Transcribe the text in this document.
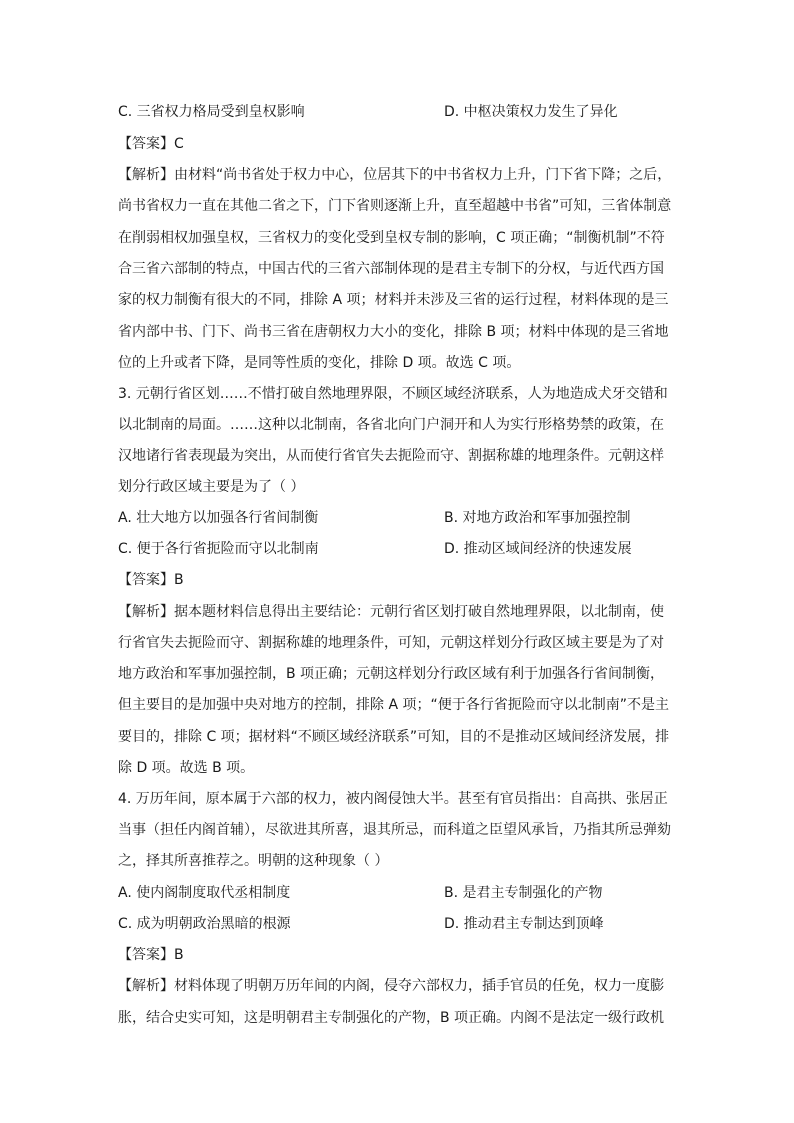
C. 三省权力格局受到皇权影响	D. 中枢决策权力发生了异化
【答案】C
【解析】由材料“尚书省处于权力中心，位居其下的中书省权力上升，门下省下降；之后，
尚书省权力一直在其他二省之下，门下省则逐渐上升，直至超越中书省”可知，三省体制意
在削弱相权加强皇权，三省权力的变化受到皇权专制的影响，C 项正确；“制衡机制”不符
合三省六部制的特点，中国古代的三省六部制体现的是君主专制下的分权，与近代西方国
家的权力制衡有很大的不同，排除 A 项；材料并未涉及三省的运行过程，材料体现的是三
省内部中书、门下、尚书三省在唐朝权力大小的变化，排除 B 项；材料中体现的是三省地
位的上升或者下降，是同等性质的变化，排除 D 项。故选 C 项。
3. 元朝行省区划……不惜打破自然地理界限，不顾区域经济联系，人为地造成犬牙交错和
以北制南的局面。……这种以北制南，各省北向门户洞开和人为实行形格势禁的政策，在
汉地诸行省表现最为突出，从而使行省官失去扼险而守、割据称雄的地理条件。元朝这样
划分行政区域主要是为了（ ）
A. 壮大地方以加强各行省间制衡	B. 对地方政治和军事加强控制
C. 便于各行省扼险而守以北制南	D. 推动区域间经济的快速发展
【答案】B
【解析】据本题材料信息得出主要结论：元朝行省区划打破自然地理界限，以北制南，使
行省官失去扼险而守、割据称雄的地理条件，可知，元朝这样划分行政区域主要是为了对
地方政治和军事加强控制，B 项正确；元朝这样划分行政区域有利于加强各行省间制衡，
但主要目的是加强中央对地方的控制，排除 A 项；“便于各行省扼险而守以北制南”不是主
要目的，排除 C 项；据材料“不顾区域经济联系”可知，目的不是推动区域间经济发展，排
除 D 项。故选 B 项。
4. 万历年间，原本属于六部的权力，被内阁侵蚀大半。甚至有官员指出：自高拱、张居正
当事（担任内阁首辅），尽欲进其所喜，退其所忌，而科道之臣望风承旨，乃指其所忌弹劾
之，择其所喜推荐之。明朝的这种现象（ ）
A. 使内阁制度取代丞相制度	B. 是君主专制强化的产物
C. 成为明朝政治黑暗的根源	D. 推动君主专制达到顶峰
【答案】B
【解析】材料体现了明朝万历年间的内阁，侵夺六部权力，插手官员的任免，权力一度膨
胀，结合史实可知，这是明朝君主专制强化的产物，B 项正确。内阁不是法定一级行政机
